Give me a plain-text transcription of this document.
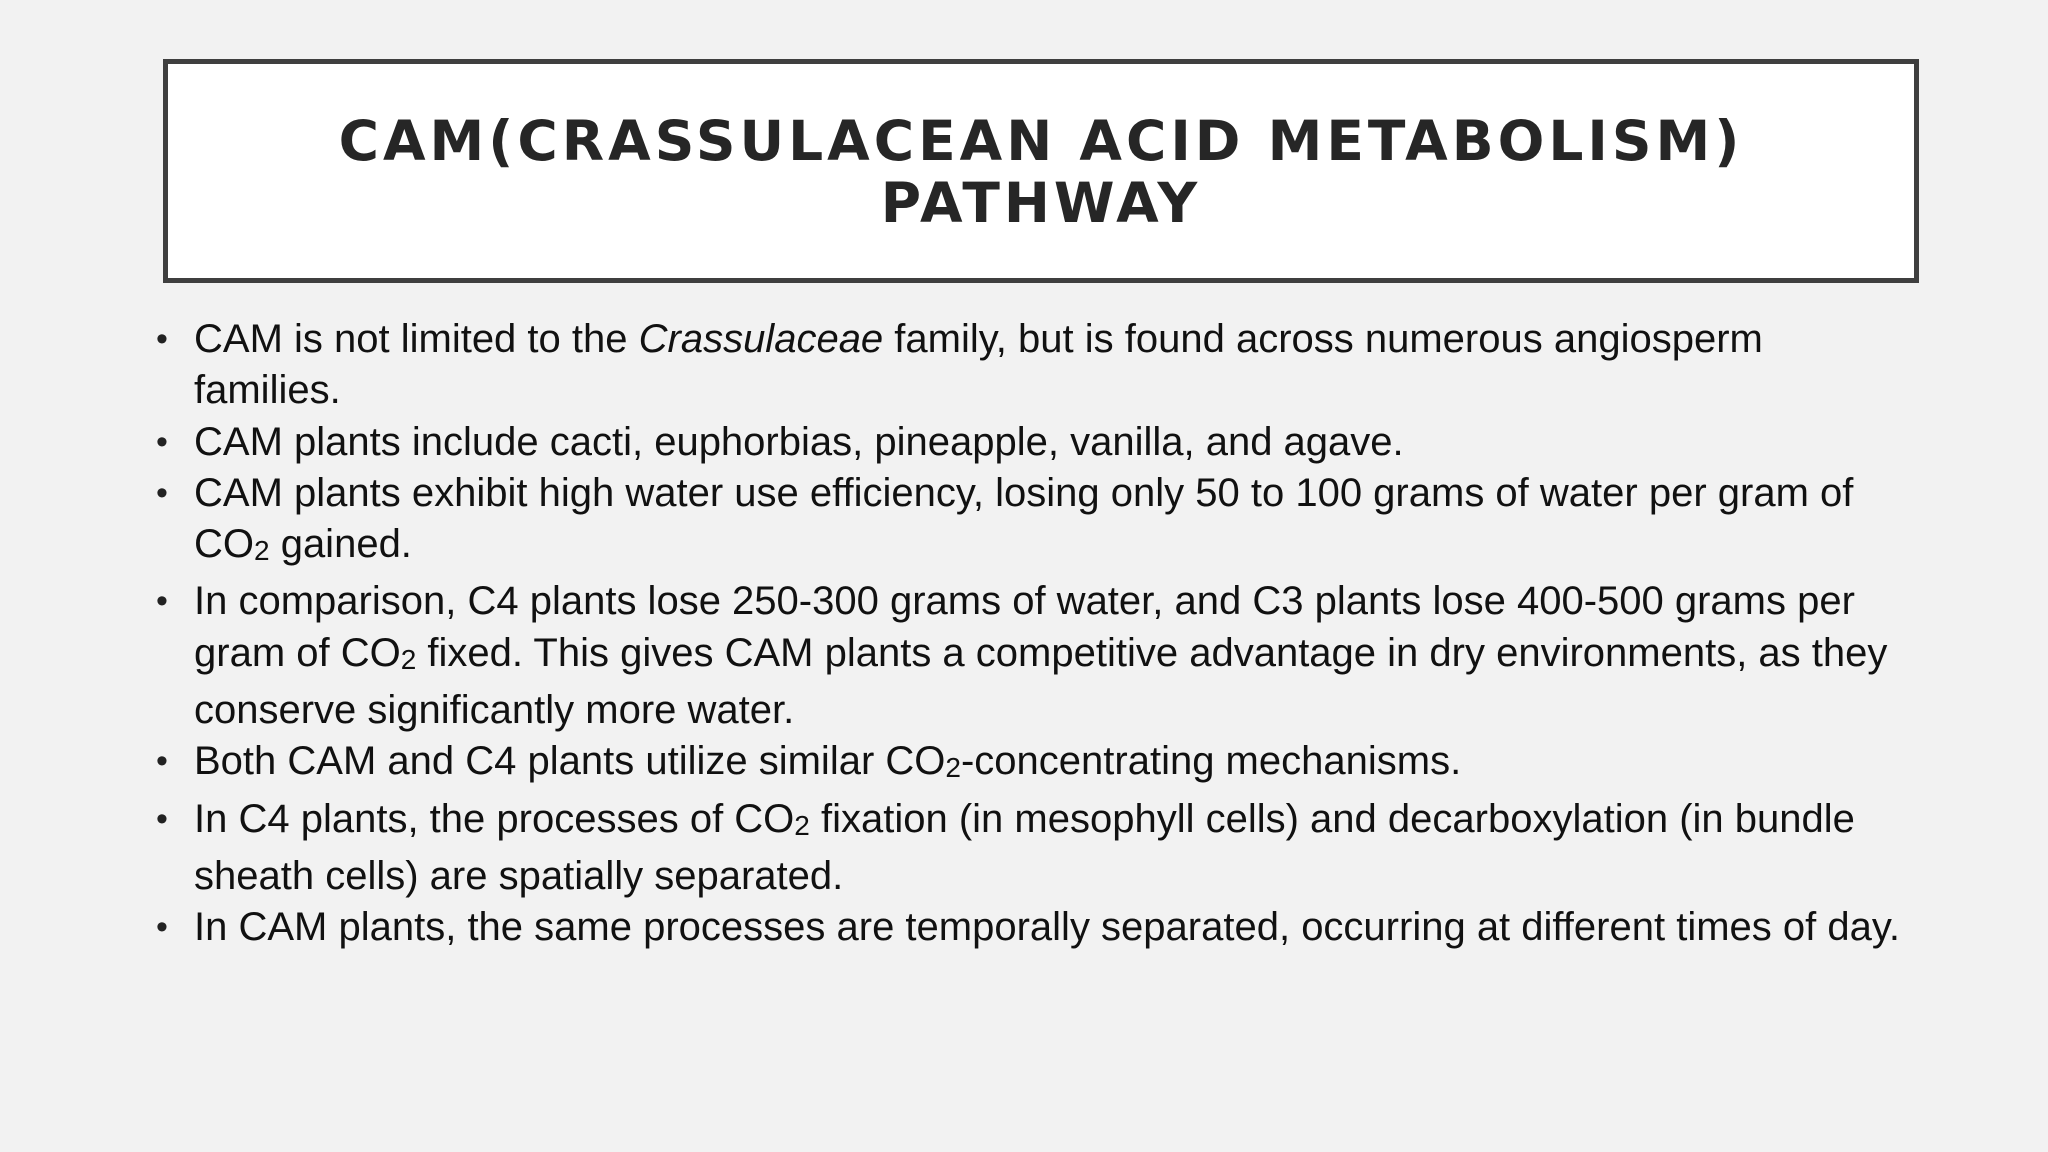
CAM(CRASSULACEAN ACID METABOLISM)
PATHWAY
• CAM is not limited to the Crassulaceae family, but is found across numerous angiosperm families.
• CAM plants include cacti, euphorbias, pineapple, vanilla, and agave.
• CAM plants exhibit high water use efficiency, losing only 50 to 100 grams of water per gram of CO2 gained.
• In comparison, C4 plants lose 250-300 grams of water, and C3 plants lose 400-500 grams per gram of CO2 fixed. This gives CAM plants a competitive advantage in dry environments, as they conserve significantly more water.
• Both CAM and C4 plants utilize similar CO2-concentrating mechanisms.
• In C4 plants, the processes of CO2 fixation (in mesophyll cells) and decarboxylation (in bundle sheath cells) are spatially separated.
• In CAM plants, the same processes are temporally separated, occurring at different times of day.
